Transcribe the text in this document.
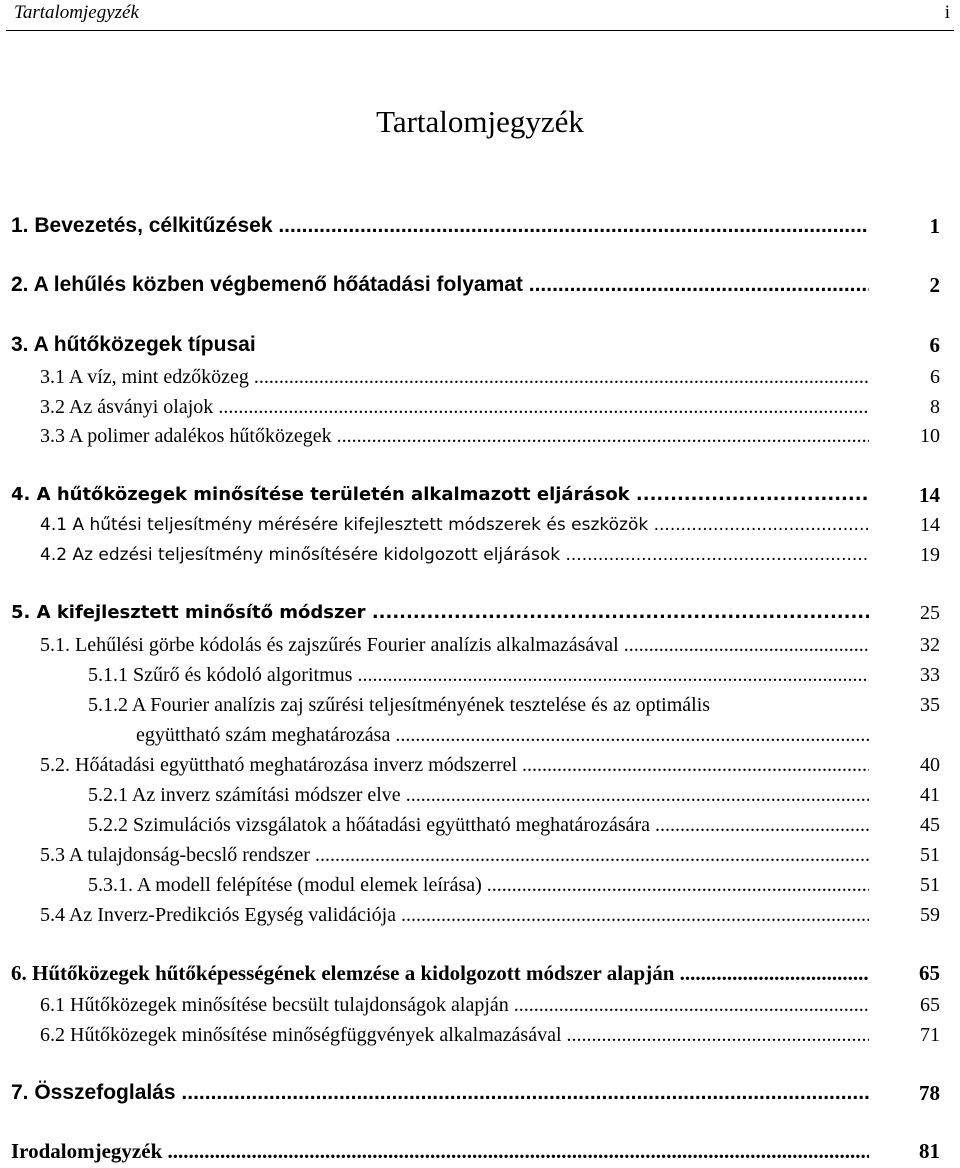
Tartalomjegyzék	i
Tartalomjegyzék
1. Bevezetés, célkitűzések .....	1
2. A lehűlés közben végbemenő hőátadási folyamat .....	2
3. A hűtőközegek típusai	6
3.1 A víz, mint edzőközeg .....	6
3.2 Az ásványi olajok .....	8
3.3 A polimer adalékos hűtőközegek .....	10
4. A hűtőközegek minősítése területén alkalmazott eljárások .....	14
4.1 A hűtési teljesítmény mérésére kifejlesztett módszerek és eszközök .....	14
4.2 Az edzési teljesítmény minősítésére kidolgozott eljárások .....	19
5. A kifejlesztett minősítő módszer .....	25
5.1. Lehűlési görbe kódolás és zajszűrés Fourier analízis alkalmazásával .....	32
5.1.1 Szűrő és kódoló algoritmus .....	33
5.1.2 A Fourier analízis zaj szűrési teljesítményének tesztelése és az optimális	35
együttható szám meghatározása .....
5.2. Hőátadási együttható meghatározása inverz módszerrel .....	40
5.2.1 Az inverz számítási módszer elve .....	41
5.2.2 Szimulációs vizsgálatok a hőátadási együttható meghatározására .....	45
5.3 A tulajdonság-becslő rendszer .....	51
5.3.1. A modell felépítése (modul elemek leírása) .....	51
5.4 Az Inverz-Predikciós Egység validációja .....	59
6. Hűtőközegek hűtőképességének elemzése a kidolgozott módszer alapján .....	65
6.1 Hűtőközegek minősítése becsült tulajdonságok alapján .....	65
6.2 Hűtőközegek minősítése minőségfüggvények alkalmazásával .....	71
7. Összefoglalás .....	78
Irodalomjegyzék .....	81
